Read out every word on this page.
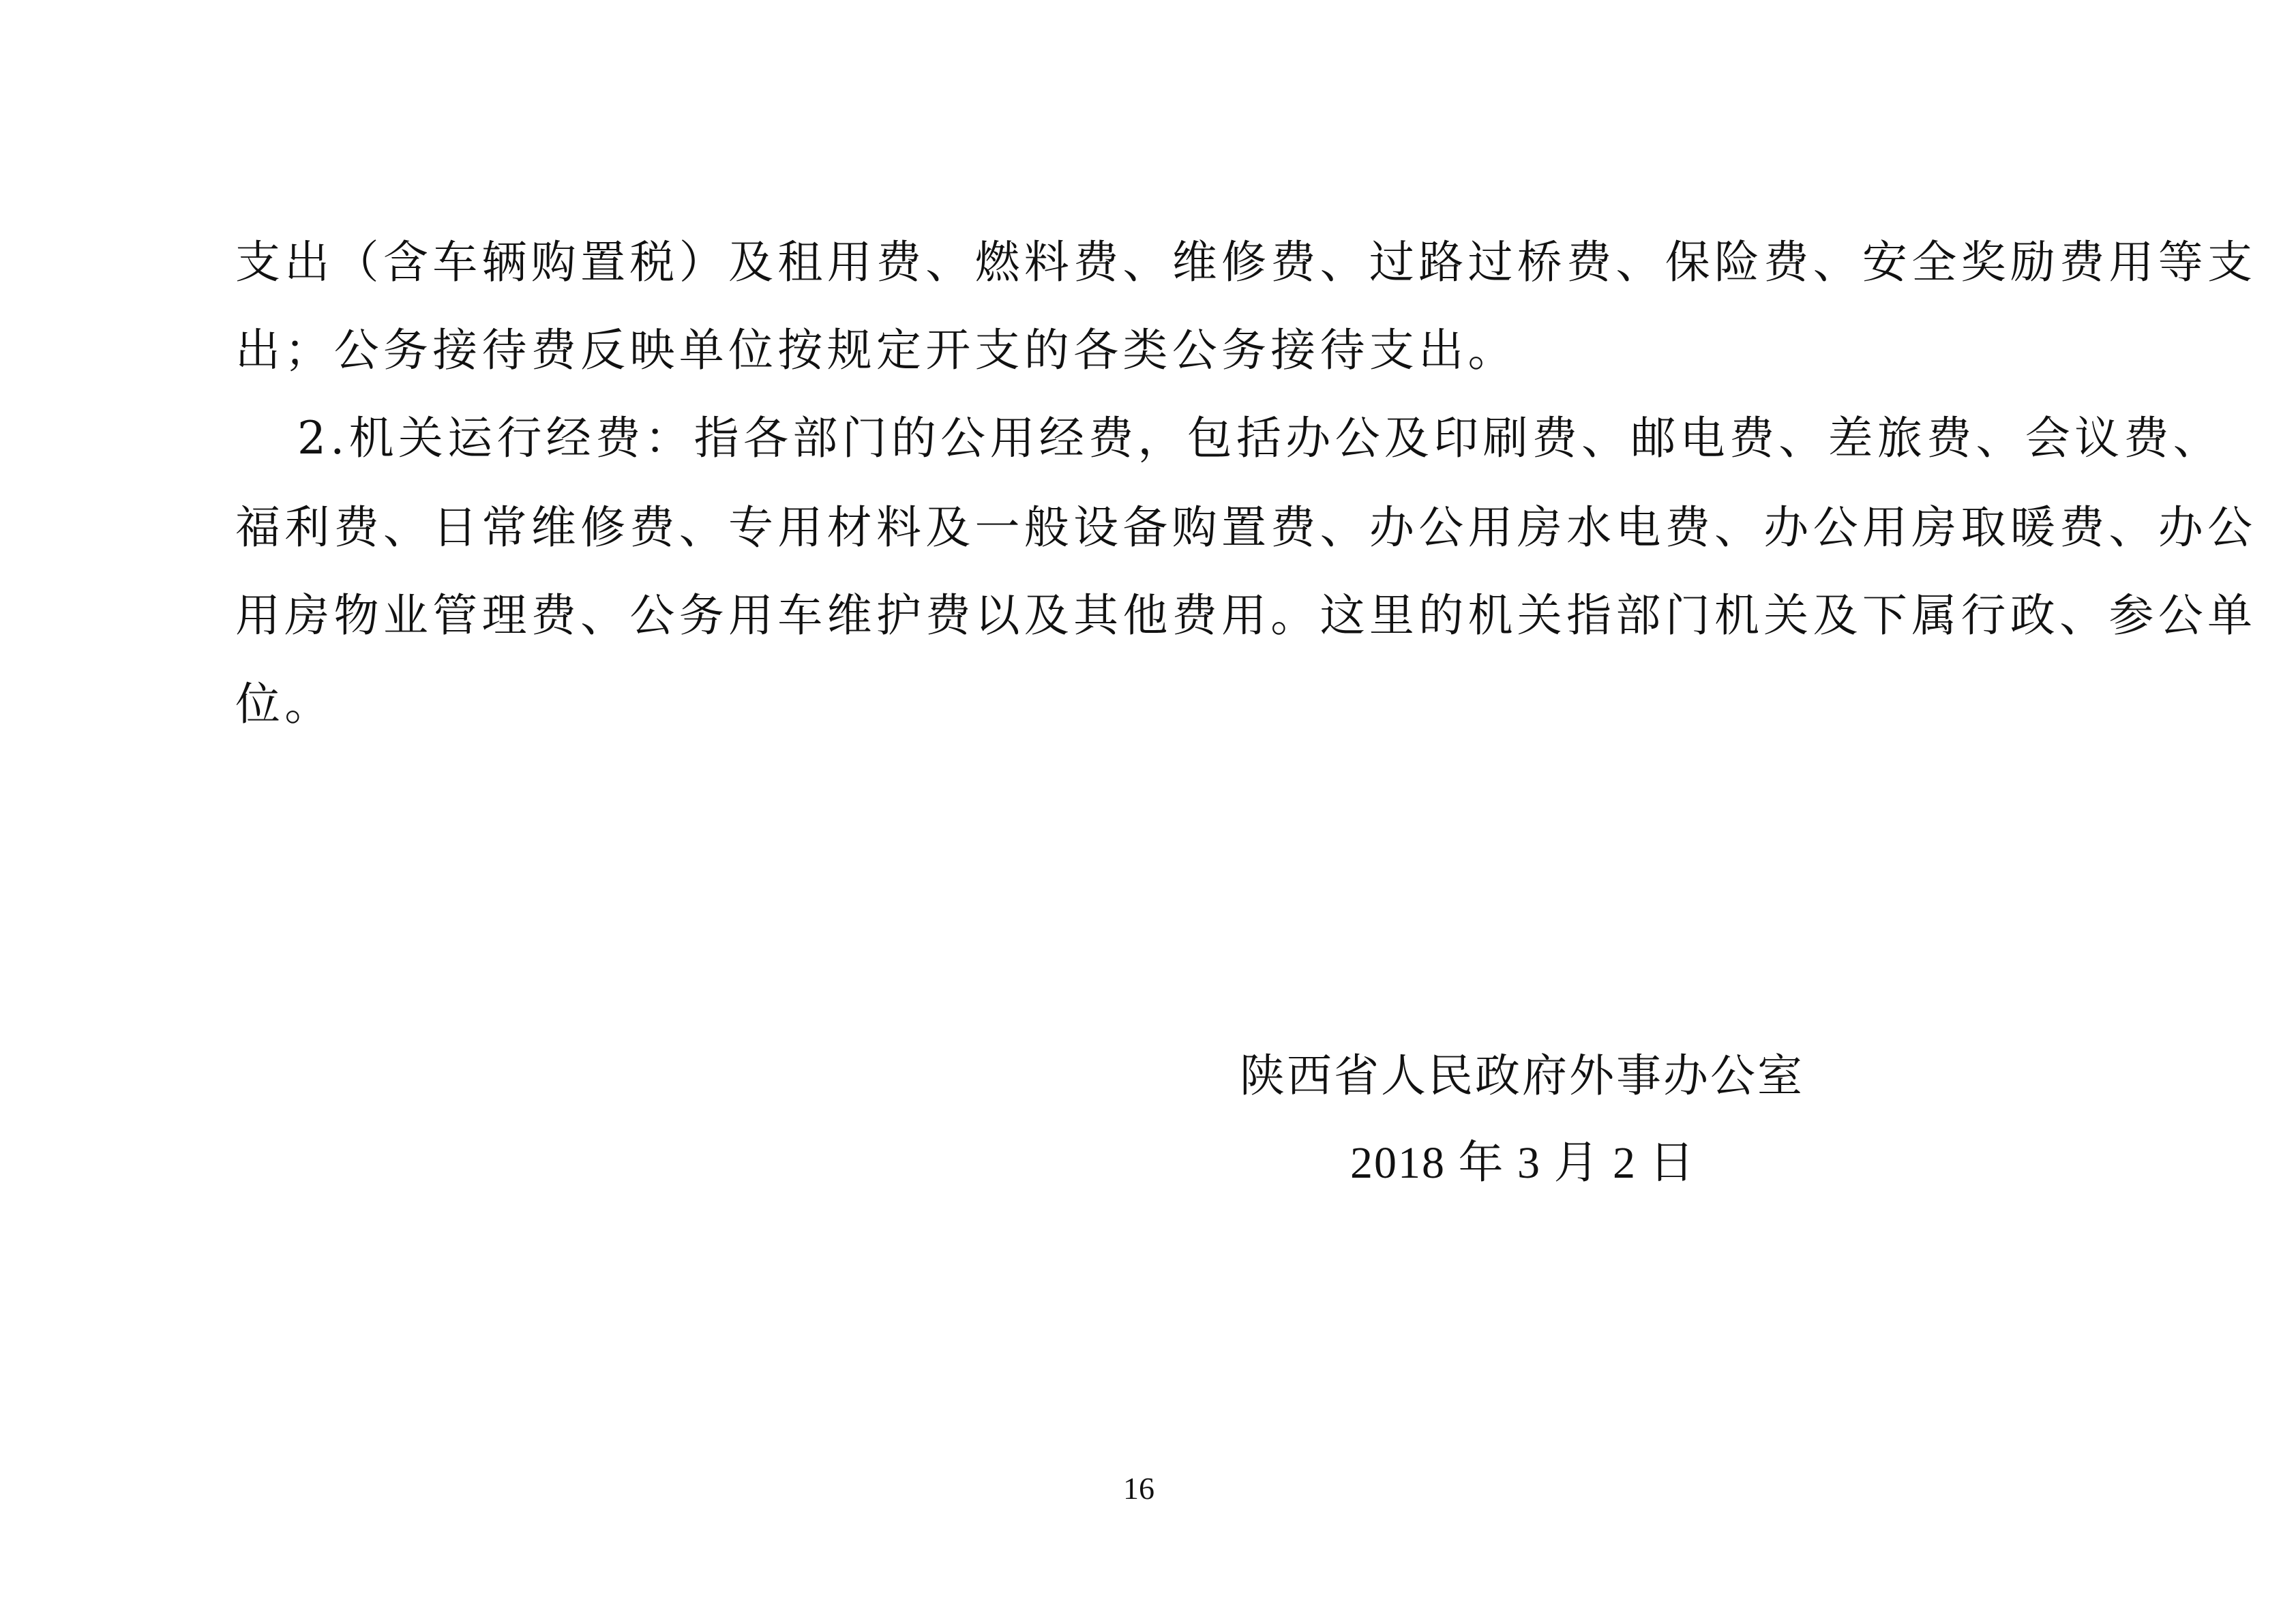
支出（含车辆购置税）及租用费、燃料费、维修费、过路过桥费、保险费、安全奖励费用等支
出；公务接待费反映单位按规定开支的各类公务接待支出。
2.机关运行经费：指各部门的公用经费，包括办公及印刷费、邮电费、差旅费、会议费、
福利费、日常维修费、专用材料及一般设备购置费、办公用房水电费、办公用房取暖费、办公
用房物业管理费、公务用车维护费以及其他费用。这里的机关指部门机关及下属行政、参公单
位。
陕西省人民政府外事办公室
2018 年 3 月 2 日
16
